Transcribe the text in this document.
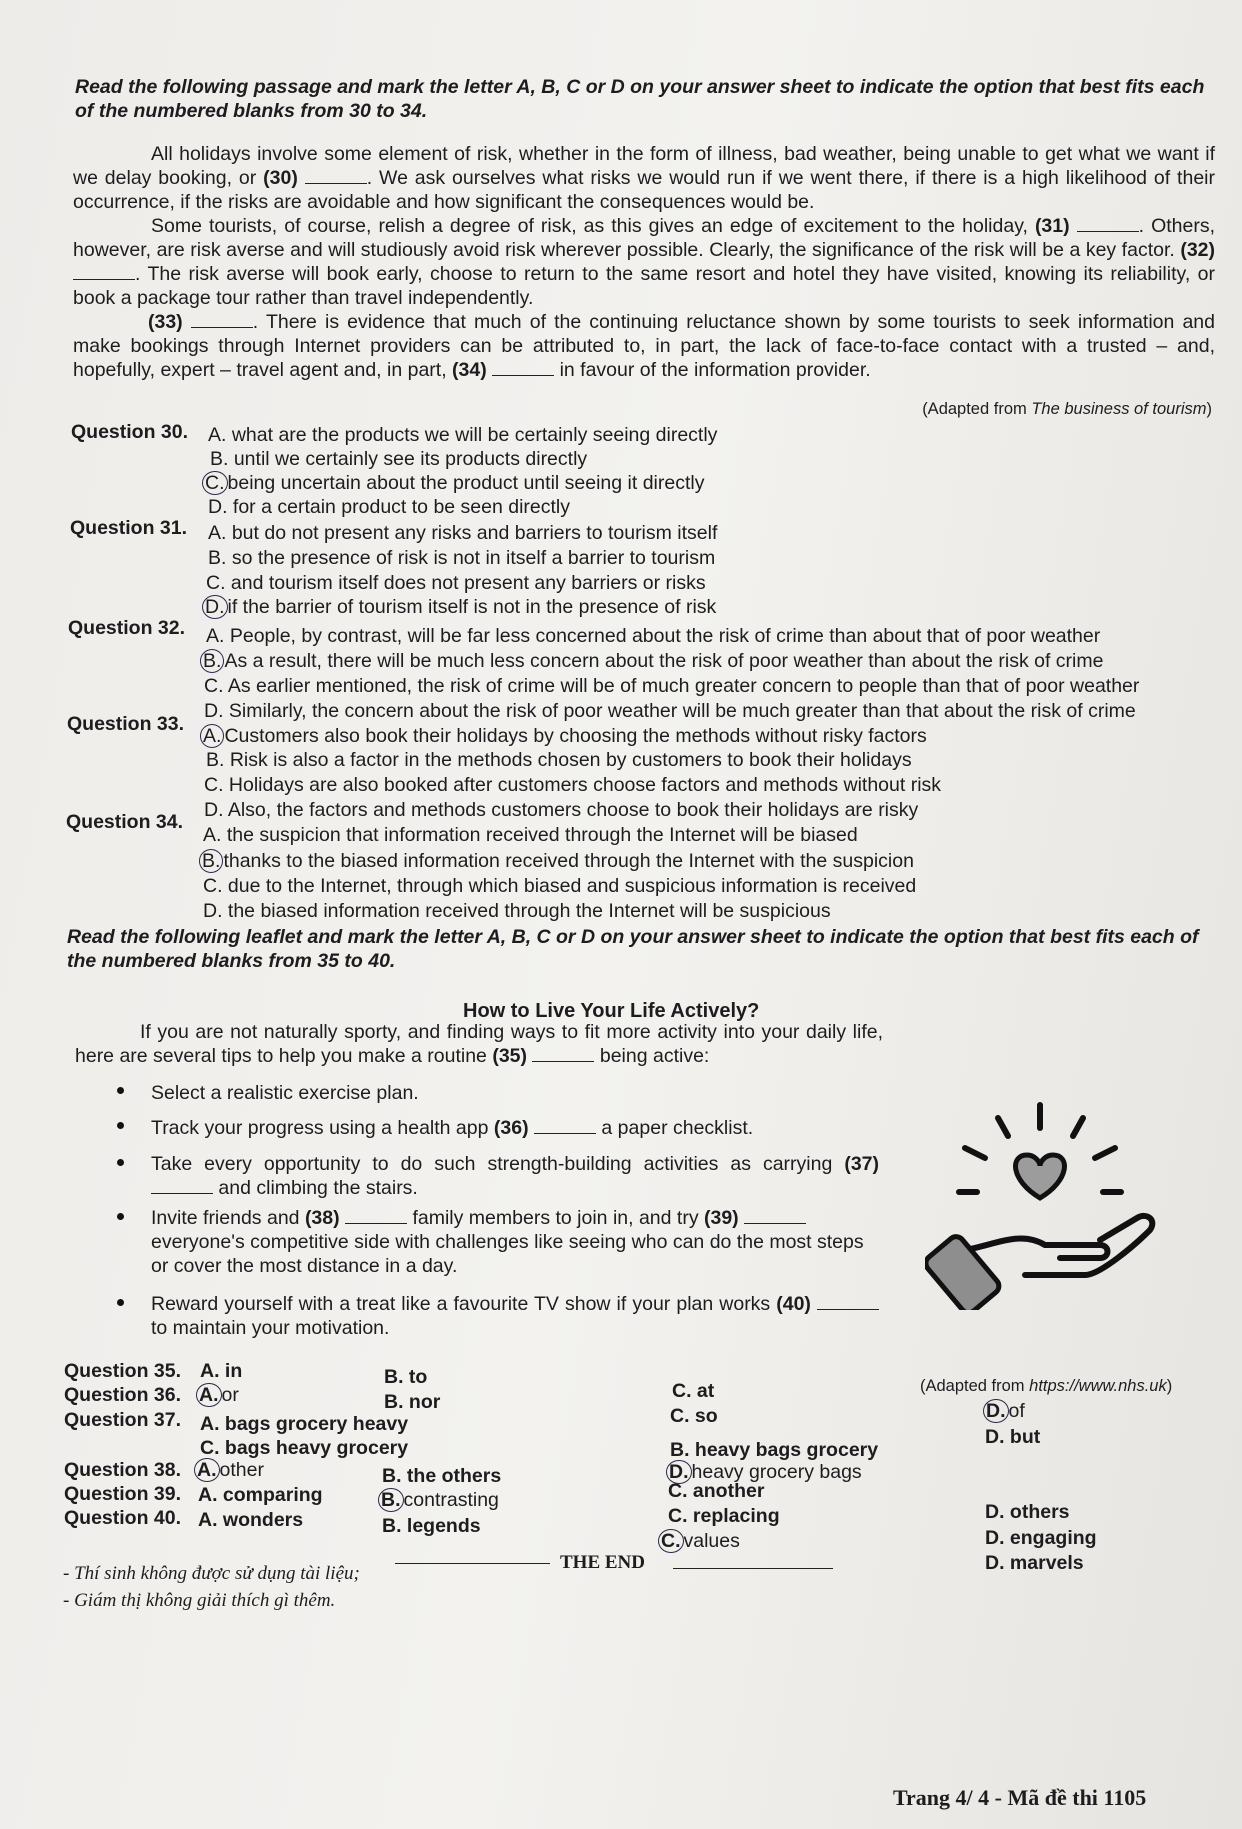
Read the following passage and mark the letter A, B, C or D on your answer sheet to indicate the option that best fits each of the numbered blanks from 30 to 34.
All holidays involve some element of risk, whether in the form of illness, bad weather, being unable to get what we want if we delay booking, or (30)	. We ask ourselves what risks we would run if we went there, if there is a high likelihood of their occurrence, if the risks are avoidable and how significant the consequences would be.
Some tourists, of course, relish a degree of risk, as this gives an edge of excitement to the holiday, (31)	. Others, however, are risk averse and will studiously avoid risk wherever possible. Clearly, the significance of the risk will be a key factor. (32) . The risk averse will book early, choose to return to the same resort and hotel they have visited, knowing its reliability, or book a package tour rather than travel independently.
(33)	. There is evidence that much of the continuing reluctance shown by some tourists to seek information and make bookings through Internet providers can be attributed to, in part, the lack of face-to-face contact with a trusted – and, hopefully, expert – travel agent and, in part, (34)	in favour of the information provider.
(Adapted from The business of tourism)
Question 30. A. what are the products we will be certainly seeing directly
B. until we certainly see its products directly
C. being uncertain about the product until seeing it directly
D. for a certain product to be seen directly
Question 31. A. but do not present any risks and barriers to tourism itself
B. so the presence of risk is not in itself a barrier to tourism
C. and tourism itself does not present any barriers or risks
D. if the barrier of tourism itself is not in the presence of risk
Question 32. A. People, by contrast, will be far less concerned about the risk of crime than about that of poor weather
B. As a result, there will be much less concern about the risk of poor weather than about the risk of crime
C. As earlier mentioned, the risk of crime will be of much greater concern to people than that of poor weather
D. Similarly, the concern about the risk of poor weather will be much greater than that about the risk of crime
Question 33.
A. Customers also book their holidays by choosing the methods without risky factors
B. Risk is also a factor in the methods chosen by customers to book their holidays
C. Holidays are also booked after customers choose factors and methods without risk
D. Also, the factors and methods customers choose to book their holidays are risky
Question 34.
A. the suspicion that information received through the Internet will be biased
B. thanks to the biased information received through the Internet with the suspicion
C. due to the Internet, through which biased and suspicious information is received
D. the biased information received through the Internet will be suspicious
Read the following leaflet and mark the letter A, B, C or D on your answer sheet to indicate the option that best fits each of the numbered blanks from 35 to 40.
How to Live Your Life Actively?
If you are not naturally sporty, and finding ways to fit more activity into your daily life, here are several tips to help you make a routine (35)	being active:
Select a realistic exercise plan.
Track your progress using a health app (36)	a paper checklist.
Take every opportunity to do such strength-building activities as carrying (37)  and climbing the stairs.
Invite friends and (38)	family members to join in, and try (39)  everyone's competitive side with challenges like seeing who can do the most steps or cover the most distance in a day.
Reward yourself with a treat like a favourite TV show if your plan works (40)  to maintain your motivation.
(Adapted from https://www.nhs.uk)
Question 35. A. in	B. to
C. at
D. of
Question 36. A. or	B. nor
C. so
D. but
Question 37. A. bags grocery heavy
C. bags heavy grocery	B. heavy bags grocery
D. heavy grocery bags
Question 38. A. other	B. the others
C. another
D. others
Question 39. A. comparing	B. contrasting
C. replacing
D. engaging
Question 40. A. wonders	B. legends
C. values
D. marvels
THE END
- Thí sinh không được sử dụng tài liệu;
- Giám thị không giải thích gì thêm.
Trang 4/ 4 - Mã đề thi 1105
